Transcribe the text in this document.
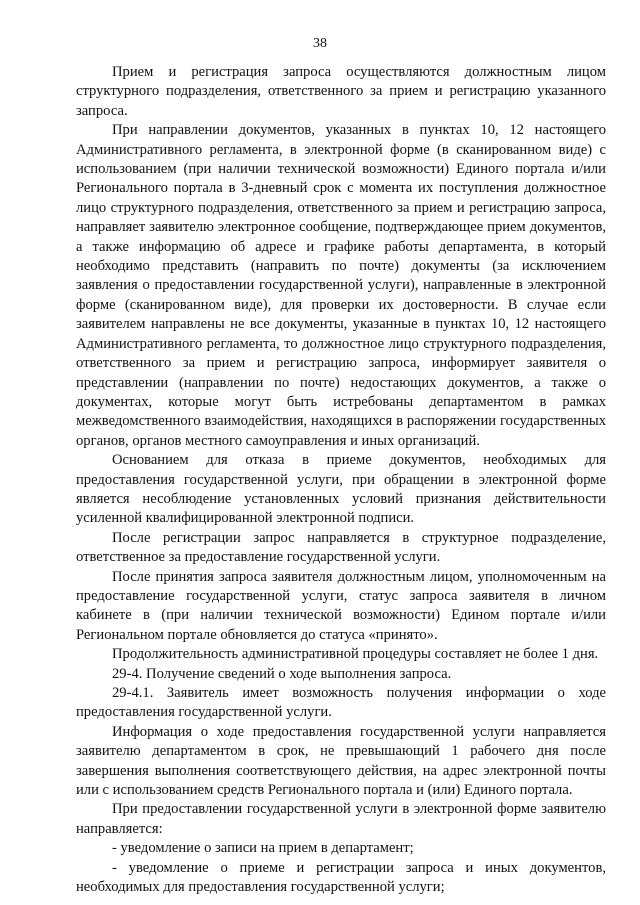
38

Прием и регистрация запроса осуществляются должностным лицом структурного подразделения, ответственного за прием и регистрацию указанного запроса.

При направлении документов, указанных в пунктах 10, 12 настоящего Административного регламента, в электронной форме (в сканированном виде) с использованием (при наличии технической возможности) Единого портала и/или Регионального портала в 3-дневный срок с момента их поступления должностное лицо структурного подразделения, ответственного за прием и регистрацию запроса, направляет заявителю электронное сообщение, подтверждающее прием документов, а также информацию об адресе и графике работы департамента, в который необходимо представить (направить по почте) документы (за исключением заявления о предоставлении государственной услуги), направленные в электронной форме (сканированном виде), для проверки их достоверности. В случае если заявителем направлены не все документы, указанные в пунктах 10, 12 настоящего Административного регламента, то должностное лицо структурного подразделения, ответственного за прием и регистрацию запроса, информирует заявителя о представлении (направлении по почте) недостающих документов, а также о документах, которые могут быть истребованы департаментом в рамках межведомственного взаимодействия, находящихся в распоряжении государственных органов, органов местного самоуправления и иных организаций.

Основанием для отказа в приеме документов, необходимых для предоставления государственной услуги, при обращении в электронной форме является несоблюдение установленных условий признания действительности усиленной квалифицированной электронной подписи.

После регистрации запрос направляется в структурное подразделение, ответственное за предоставление государственной услуги.

После принятия запроса заявителя должностным лицом, уполномоченным на предоставление государственной услуги, статус запроса заявителя в личном кабинете в (при наличии технической возможности) Едином портале и/или Региональном портале обновляется до статуса «принято».

Продолжительность административной процедуры составляет не более 1 дня.

29-4. Получение сведений о ходе выполнения запроса.

29-4.1. Заявитель имеет возможность получения информации о ходе предоставления государственной услуги.

Информация о ходе предоставления государственной услуги направляется заявителю департаментом в срок, не превышающий 1 рабочего дня после завершения выполнения соответствующего действия, на адрес электронной почты или с использованием средств Регионального портала и (или) Единого портала.

При предоставлении государственной услуги в электронной форме заявителю направляется:

- уведомление о записи на прием в департамент;

- уведомление о приеме и регистрации запроса и иных документов, необходимых для предоставления государственной услуги;
